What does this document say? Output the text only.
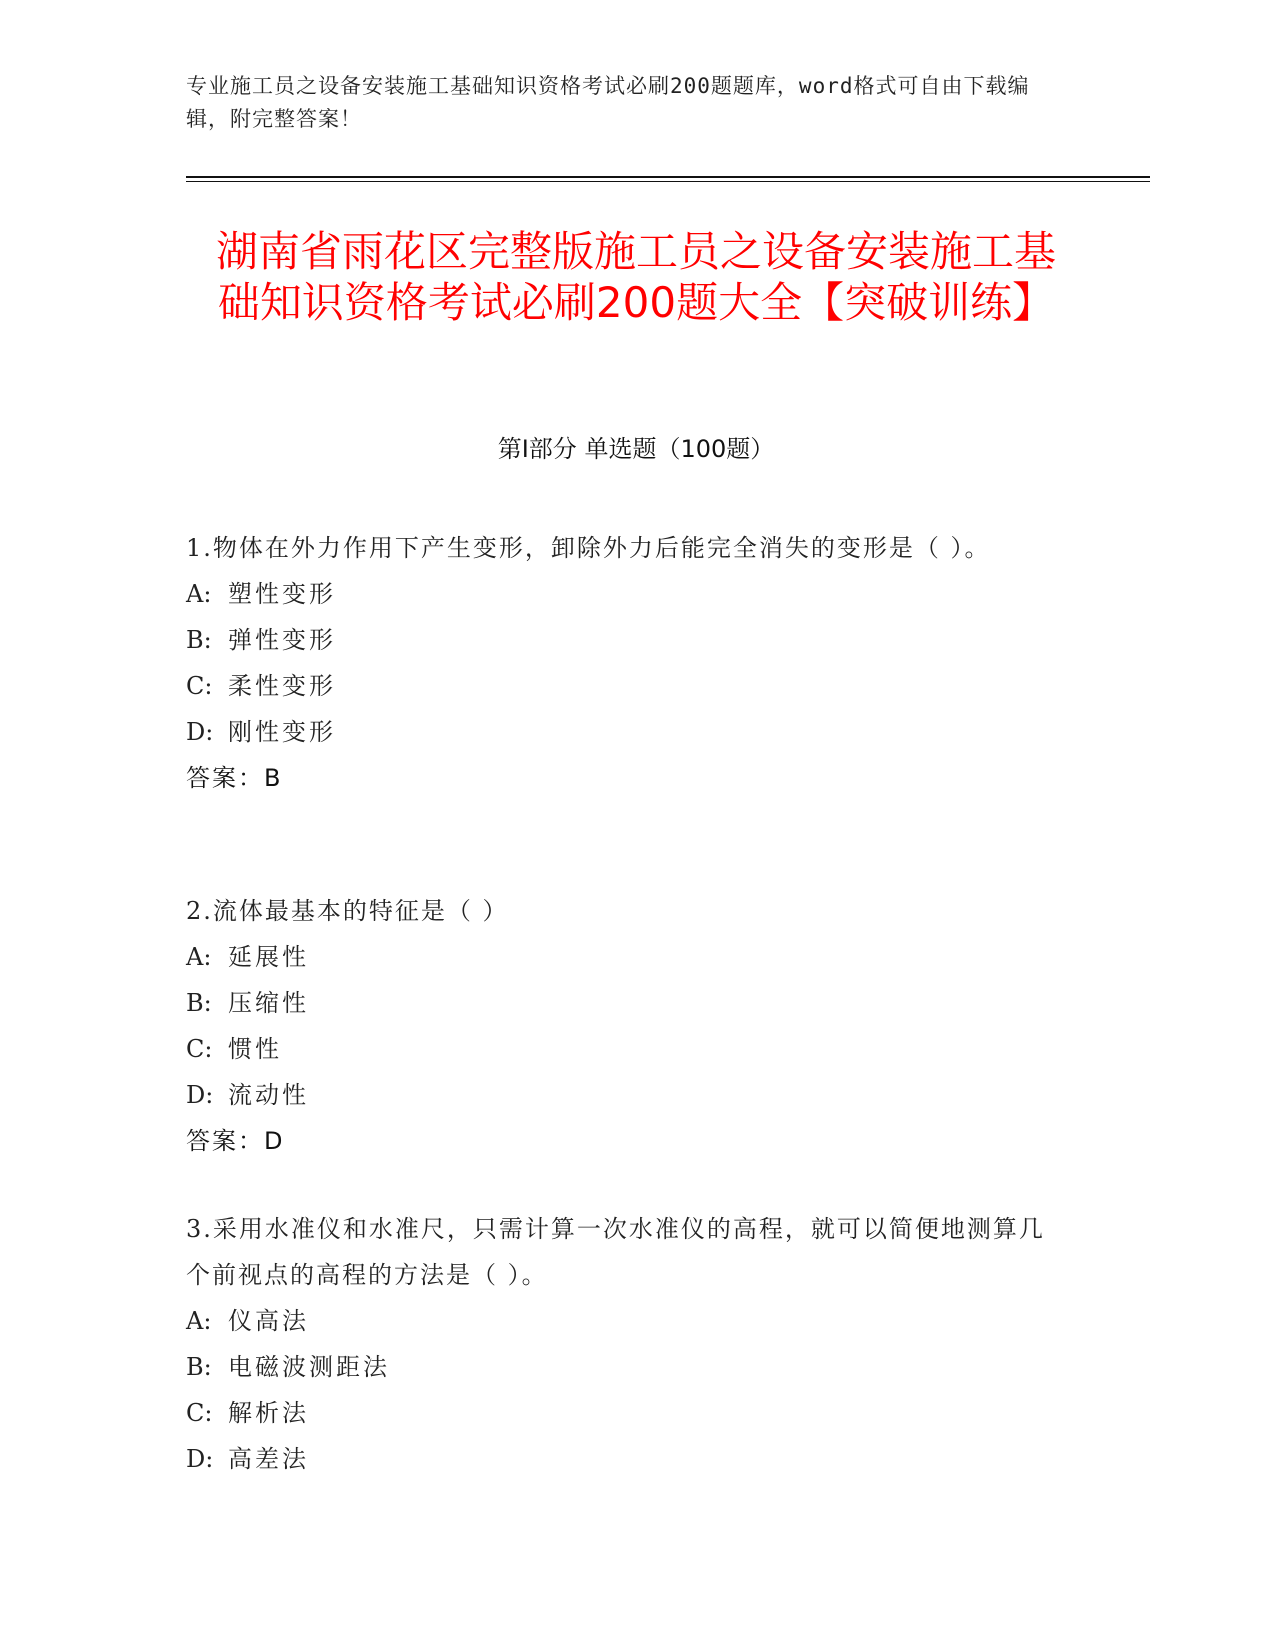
专业施工员之设备安装施工基础知识资格考试必刷200题题库，word格式可自由下载编辑，附完整答案！
湖南省雨花区完整版施工员之设备安装施工基础知识资格考试必刷200题大全【突破训练】
第Ⅰ部分 单选题（100题）

1.物体在外力作用下产生变形，卸除外力后能完全消失的变形是（ ）。

A: 塑性变形

B: 弹性变形

C: 柔性变形

D: 刚性变形

答案：B

2.流体最基本的特征是（ ）

A: 延展性

B: 压缩性

C: 惯性

D: 流动性

答案：D

3.采用水准仪和水准尺，只需计算一次水准仪的高程，就可以简便地测算几个前视点的高程的方法是（ ）。

A: 仪高法

B: 电磁波测距法

C: 解析法

D: 高差法
